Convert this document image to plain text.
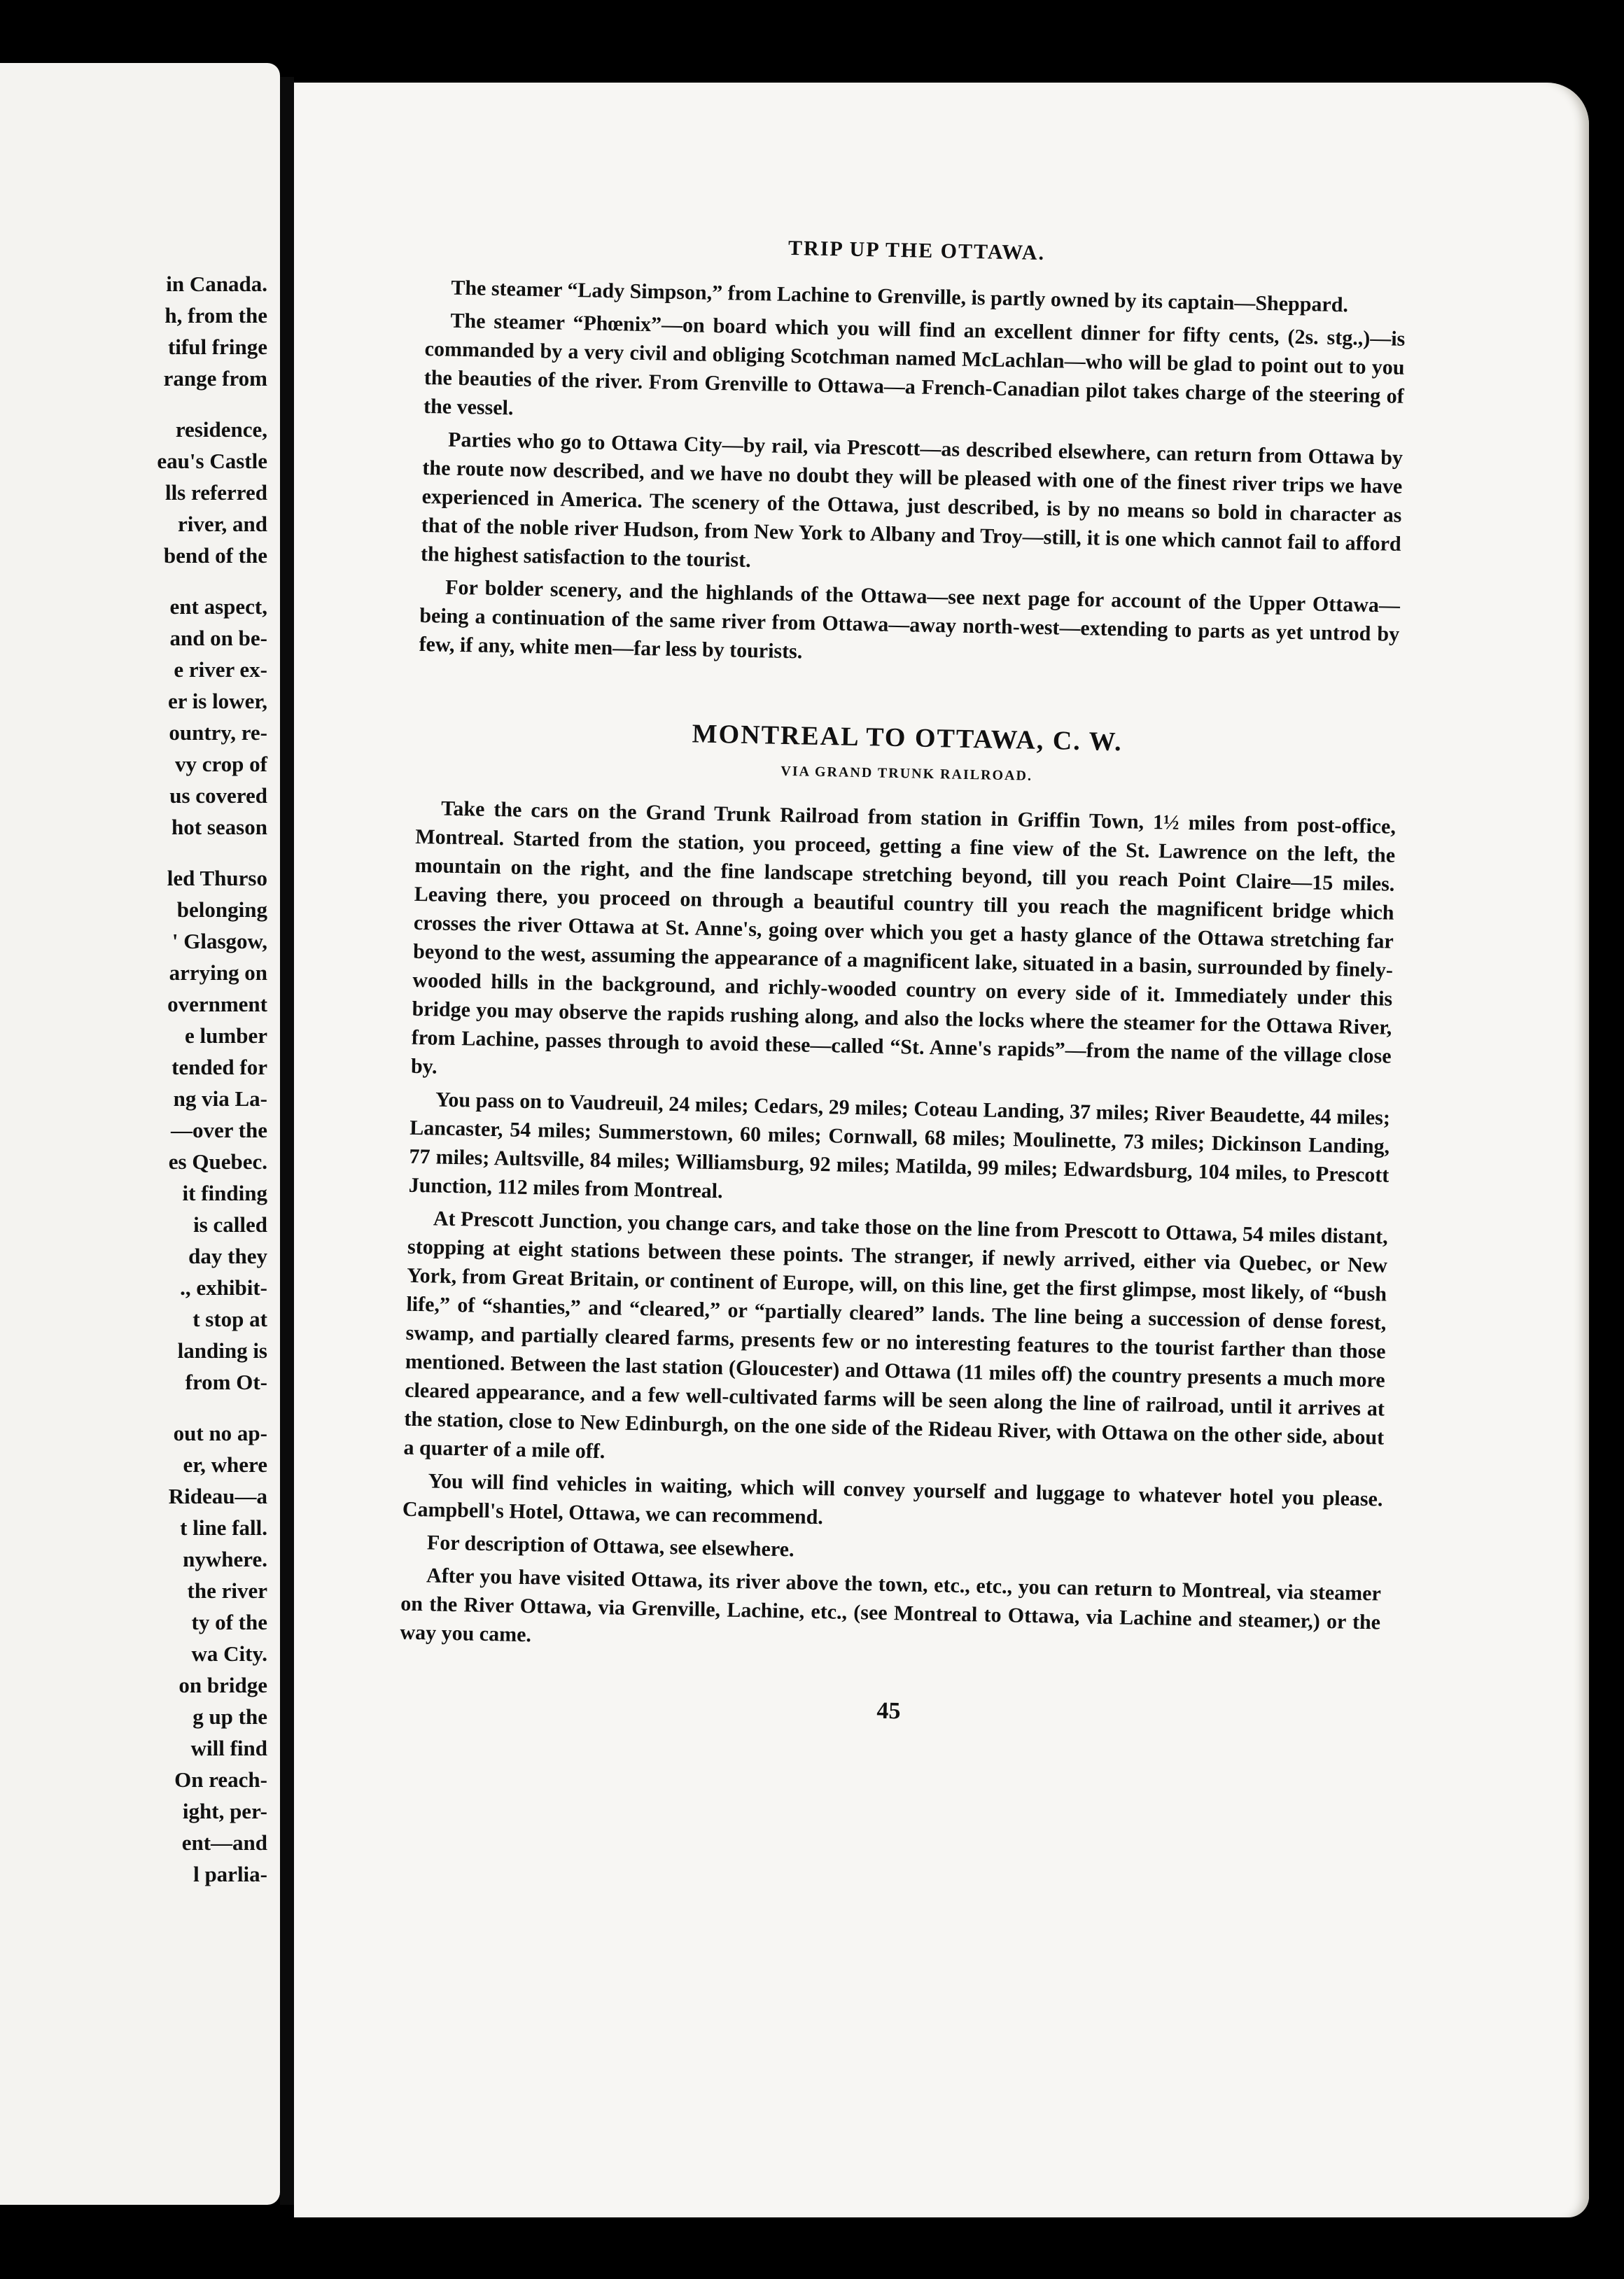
in Canada.
h, from the
tiful fringe
range from
residence,
eau's Castle
lls referred
river, and
bend of the
ent aspect,
and on be-
e river ex-
er is lower,
ountry, re-
vy crop of
us covered
hot season
led Thurso
belonging
' Glasgow,
arrying on
overnment
e lumber
tended for
ng via La-
—over the
es Quebec.
it finding
is called
day they
., exhibit-
t stop at
landing is
from Ot-
out no ap-
er, where
Rideau—a
t line fall.
nywhere.
the river
ty of the
wa City.
on bridge
g up the
will find
On reach-
ight, per-
ent—and
l parlia-
TRIP UP THE OTTAWA.

The steamer “Lady Simpson,” from Lachine to Grenville, is partly owned by its captain—Sheppard.

The steamer “Phœnix”—on board which you will find an excellent dinner for fifty cents, (2s. stg.,)—is commanded by a very civil and obliging Scotchman named McLachlan—who will be glad to point out to you the beauties of the river. From Grenville to Ottawa—a French-Canadian pilot takes charge of the steering of the vessel.

Parties who go to Ottawa City—by rail, via Prescott—as described elsewhere, can return from Ottawa by the route now described, and we have no doubt they will be pleased with one of the finest river trips we have experienced in America. The scenery of the Ottawa, just described, is by no means so bold in character as that of the noble river Hudson, from New York to Albany and Troy—still, it is one which cannot fail to afford the highest satisfaction to the tourist.

For bolder scenery, and the highlands of the Ottawa—see next page for account of the Upper Ottawa—being a continuation of the same river from Ottawa—away north-west—extending to parts as yet untrod by few, if any, white men—far less by tourists.

MONTREAL TO OTTAWA, C. W.
VIA GRAND TRUNK RAILROAD.

Take the cars on the Grand Trunk Railroad from station in Griffin Town, 1½ miles from post-office, Montreal. Started from the station, you proceed, getting a fine view of the St. Lawrence on the left, the mountain on the right, and the fine landscape stretching beyond, till you reach Point Claire—15 miles. Leaving there, you proceed on through a beautiful country till you reach the magnificent bridge which crosses the river Ottawa at St. Anne's, going over which you get a hasty glance of the Ottawa stretching far beyond to the west, assuming the appearance of a magnificent lake, situated in a basin, surrounded by finely-wooded hills in the background, and richly-wooded country on every side of it. Immediately under this bridge you may observe the rapids rushing along, and also the locks where the steamer for the Ottawa River, from Lachine, passes through to avoid these—called “St. Anne's rapids”—from the name of the village close by.

You pass on to Vaudreuil, 24 miles; Cedars, 29 miles; Coteau Landing, 37 miles; River Beaudette, 44 miles; Lancaster, 54 miles; Summerstown, 60 miles; Cornwall, 68 miles; Moulinette, 73 miles; Dickinson Landing, 77 miles; Aultsville, 84 miles; Williamsburg, 92 miles; Matilda, 99 miles; Edwardsburg, 104 miles, to Prescott Junction, 112 miles from Montreal.

At Prescott Junction, you change cars, and take those on the line from Prescott to Ottawa, 54 miles distant, stopping at eight stations between these points. The stranger, if newly arrived, either via Quebec, or New York, from Great Britain, or continent of Europe, will, on this line, get the first glimpse, most likely, of “bush life,” of “shanties,” and “cleared,” or “partially cleared” lands. The line being a succession of dense forest, swamp, and partially cleared farms, presents few or no interesting features to the tourist farther than those mentioned. Between the last station (Gloucester) and Ottawa (11 miles off) the country presents a much more cleared appearance, and a few well-cultivated farms will be seen along the line of railroad, until it arrives at the station, close to New Edinburgh, on the one side of the Rideau River, with Ottawa on the other side, about a quarter of a mile off.

You will find vehicles in waiting, which will convey yourself and luggage to whatever hotel you please. Campbell's Hotel, Ottawa, we can recommend.

For description of Ottawa, see elsewhere.

After you have visited Ottawa, its river above the town, etc., etc., you can return to Montreal, via steamer on the River Ottawa, via Grenville, Lachine, etc., (see Montreal to Ottawa, via Lachine and steamer,) or the way you came.

45
